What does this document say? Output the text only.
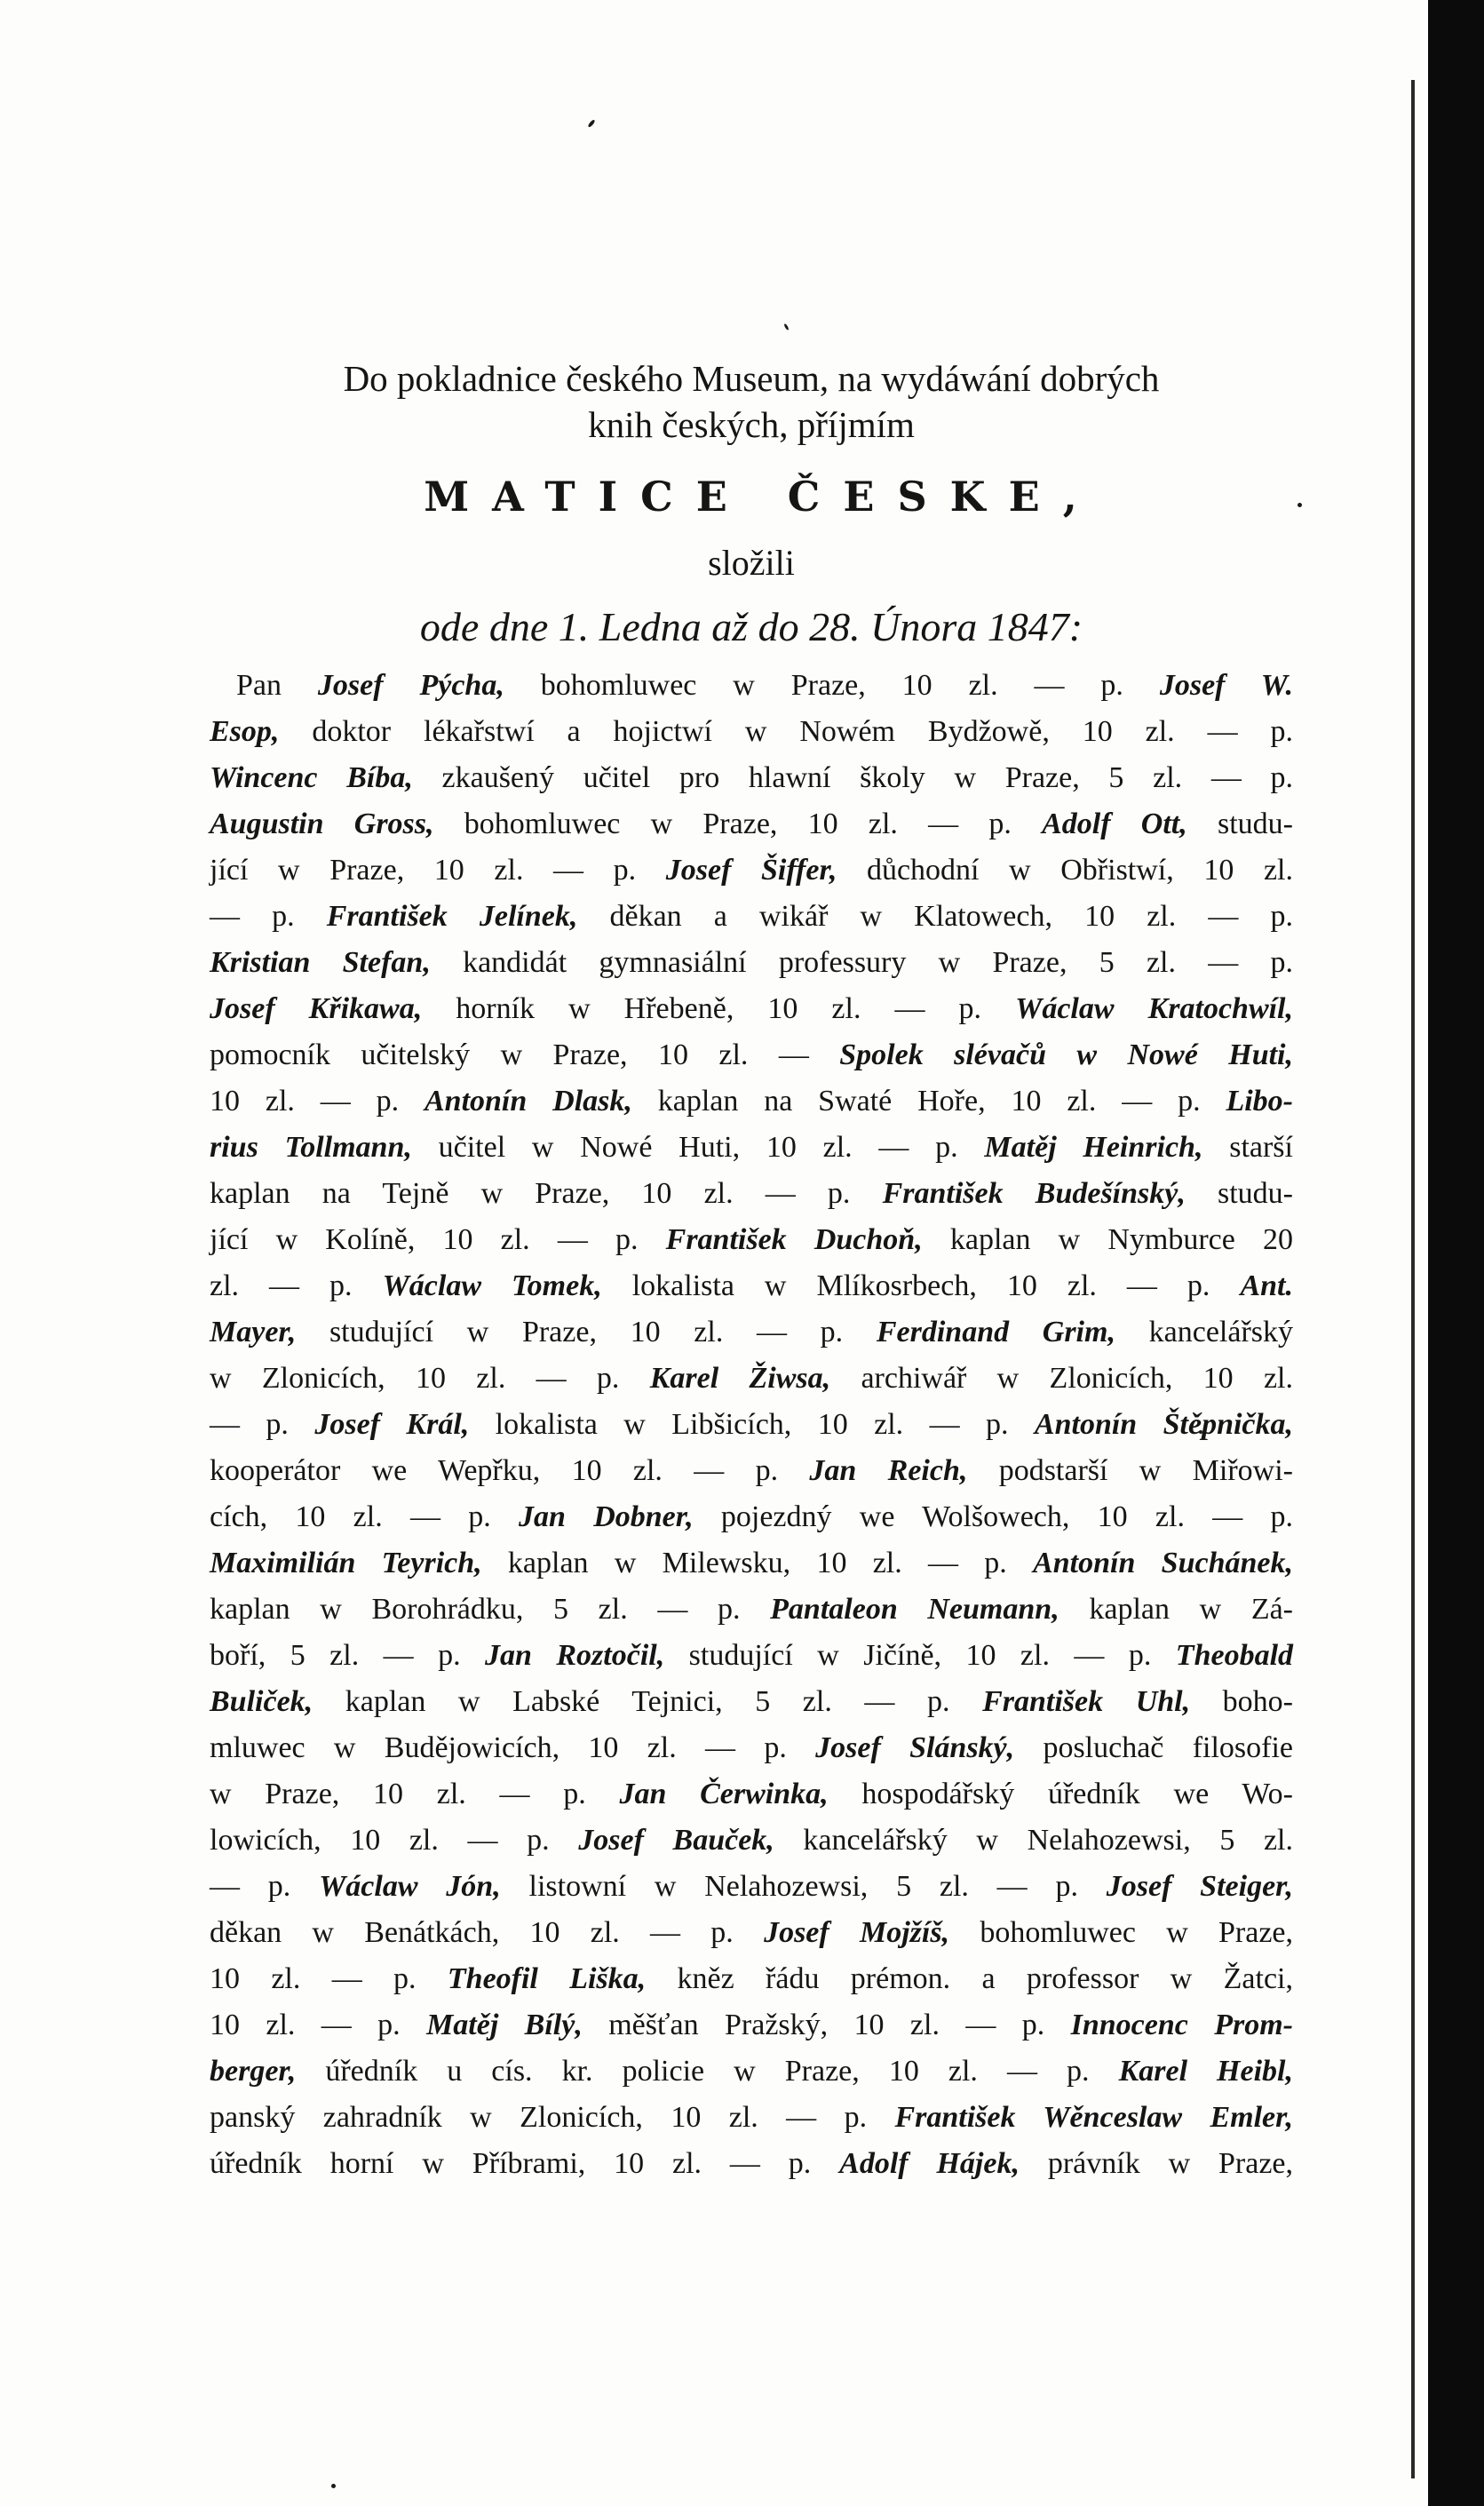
Do pokladnice českého Museum, na wydáwání dobrých
knih českých, příjmím
MATICE ČESKE,
složili
ode dne 1. Ledna až do 28. Února 1847:
Pan Josef Pýcha, bohomluwec w Praze, 10 zl. — p. Josef W.
Esop, doktor lékařstwí a hojictwí w Nowém Bydžowě, 10 zl. — p.
Wincenc Bíba, zkaušený učitel pro hlawní školy w Praze, 5 zl. — p.
Augustin Gross, bohomluwec w Praze, 10 zl. — p. Adolf Ott, studu-
jící w Praze, 10 zl. — p. Josef Šiffer, důchodní w Obřistwí, 10 zl.
— p. František Jelínek, děkan a wikář w Klatowech, 10 zl. — p.
Kristian Stefan, kandidát gymnasiální professury w Praze, 5 zl. — p.
Josef Křikawa, horník w Hřebeně, 10 zl. — p. Wáclaw Kratochwíl,
pomocník učitelský w Praze, 10 zl. — Spolek slévačů w Nowé Huti,
10 zl. — p. Antonín Dlask, kaplan na Swaté Hoře, 10 zl. — p. Libo-
rius Tollmann, učitel w Nowé Huti, 10 zl. — p. Matěj Heinrich, starší
kaplan na Tejně w Praze, 10 zl. — p. František Budešínský, studu-
jící w Kolíně, 10 zl. — p. František Duchoň, kaplan w Nymburce 20
zl. — p. Wáclaw Tomek, lokalista w Mlíkosrbech, 10 zl. — p. Ant.
Mayer, studující w Praze, 10 zl. — p. Ferdinand Grim, kancelářský
w Zlonicích, 10 zl. — p. Karel Žiwsa, archiwář w Zlonicích, 10 zl.
— p. Josef Král, lokalista w Libšicích, 10 zl. — p. Antonín Štěpnička,
kooperátor we Wepřku, 10 zl. — p. Jan Reich, podstarší w Miřowi-
cích, 10 zl. — p. Jan Dobner, pojezdný we Wolšowech, 10 zl. — p.
Maximilián Teyrich, kaplan w Milewsku, 10 zl. — p. Antonín Suchánek,
kaplan w Borohrádku, 5 zl. — p. Pantaleon Neumann, kaplan w Zá-
boří, 5 zl. — p. Jan Roztočil, studující w Jičíně, 10 zl. — p. Theobald
Buliček, kaplan w Labské Tejnici, 5 zl. — p. František Uhl, boho-
mluwec w Budějowicích, 10 zl. — p. Josef Slánský, posluchač filosofie
w Praze, 10 zl. — p. Jan Čerwinka, hospodářský úředník we Wo-
lowicích, 10 zl. — p. Josef Bauček, kancelářský w Nelahozewsi, 5 zl.
— p. Wáclaw Jón, listowní w Nelahozewsi, 5 zl. — p. Josef Steiger,
děkan w Benátkách, 10 zl. — p. Josef Mojžíš, bohomluwec w Praze,
10 zl. — p. Theofil Liška, kněz řádu prémon. a professor w Žatci,
10 zl. — p. Matěj Bílý, měšťan Pražský, 10 zl. — p. Innocenc Prom-
berger, úředník u cís. kr. policie w Praze, 10 zl. — p. Karel Heibl,
panský zahradník w Zlonicích, 10 zl. — p. František Wěnceslaw Emler,
úředník horní w Příbrami, 10 zl. — p. Adolf Hájek, právník w Praze,
